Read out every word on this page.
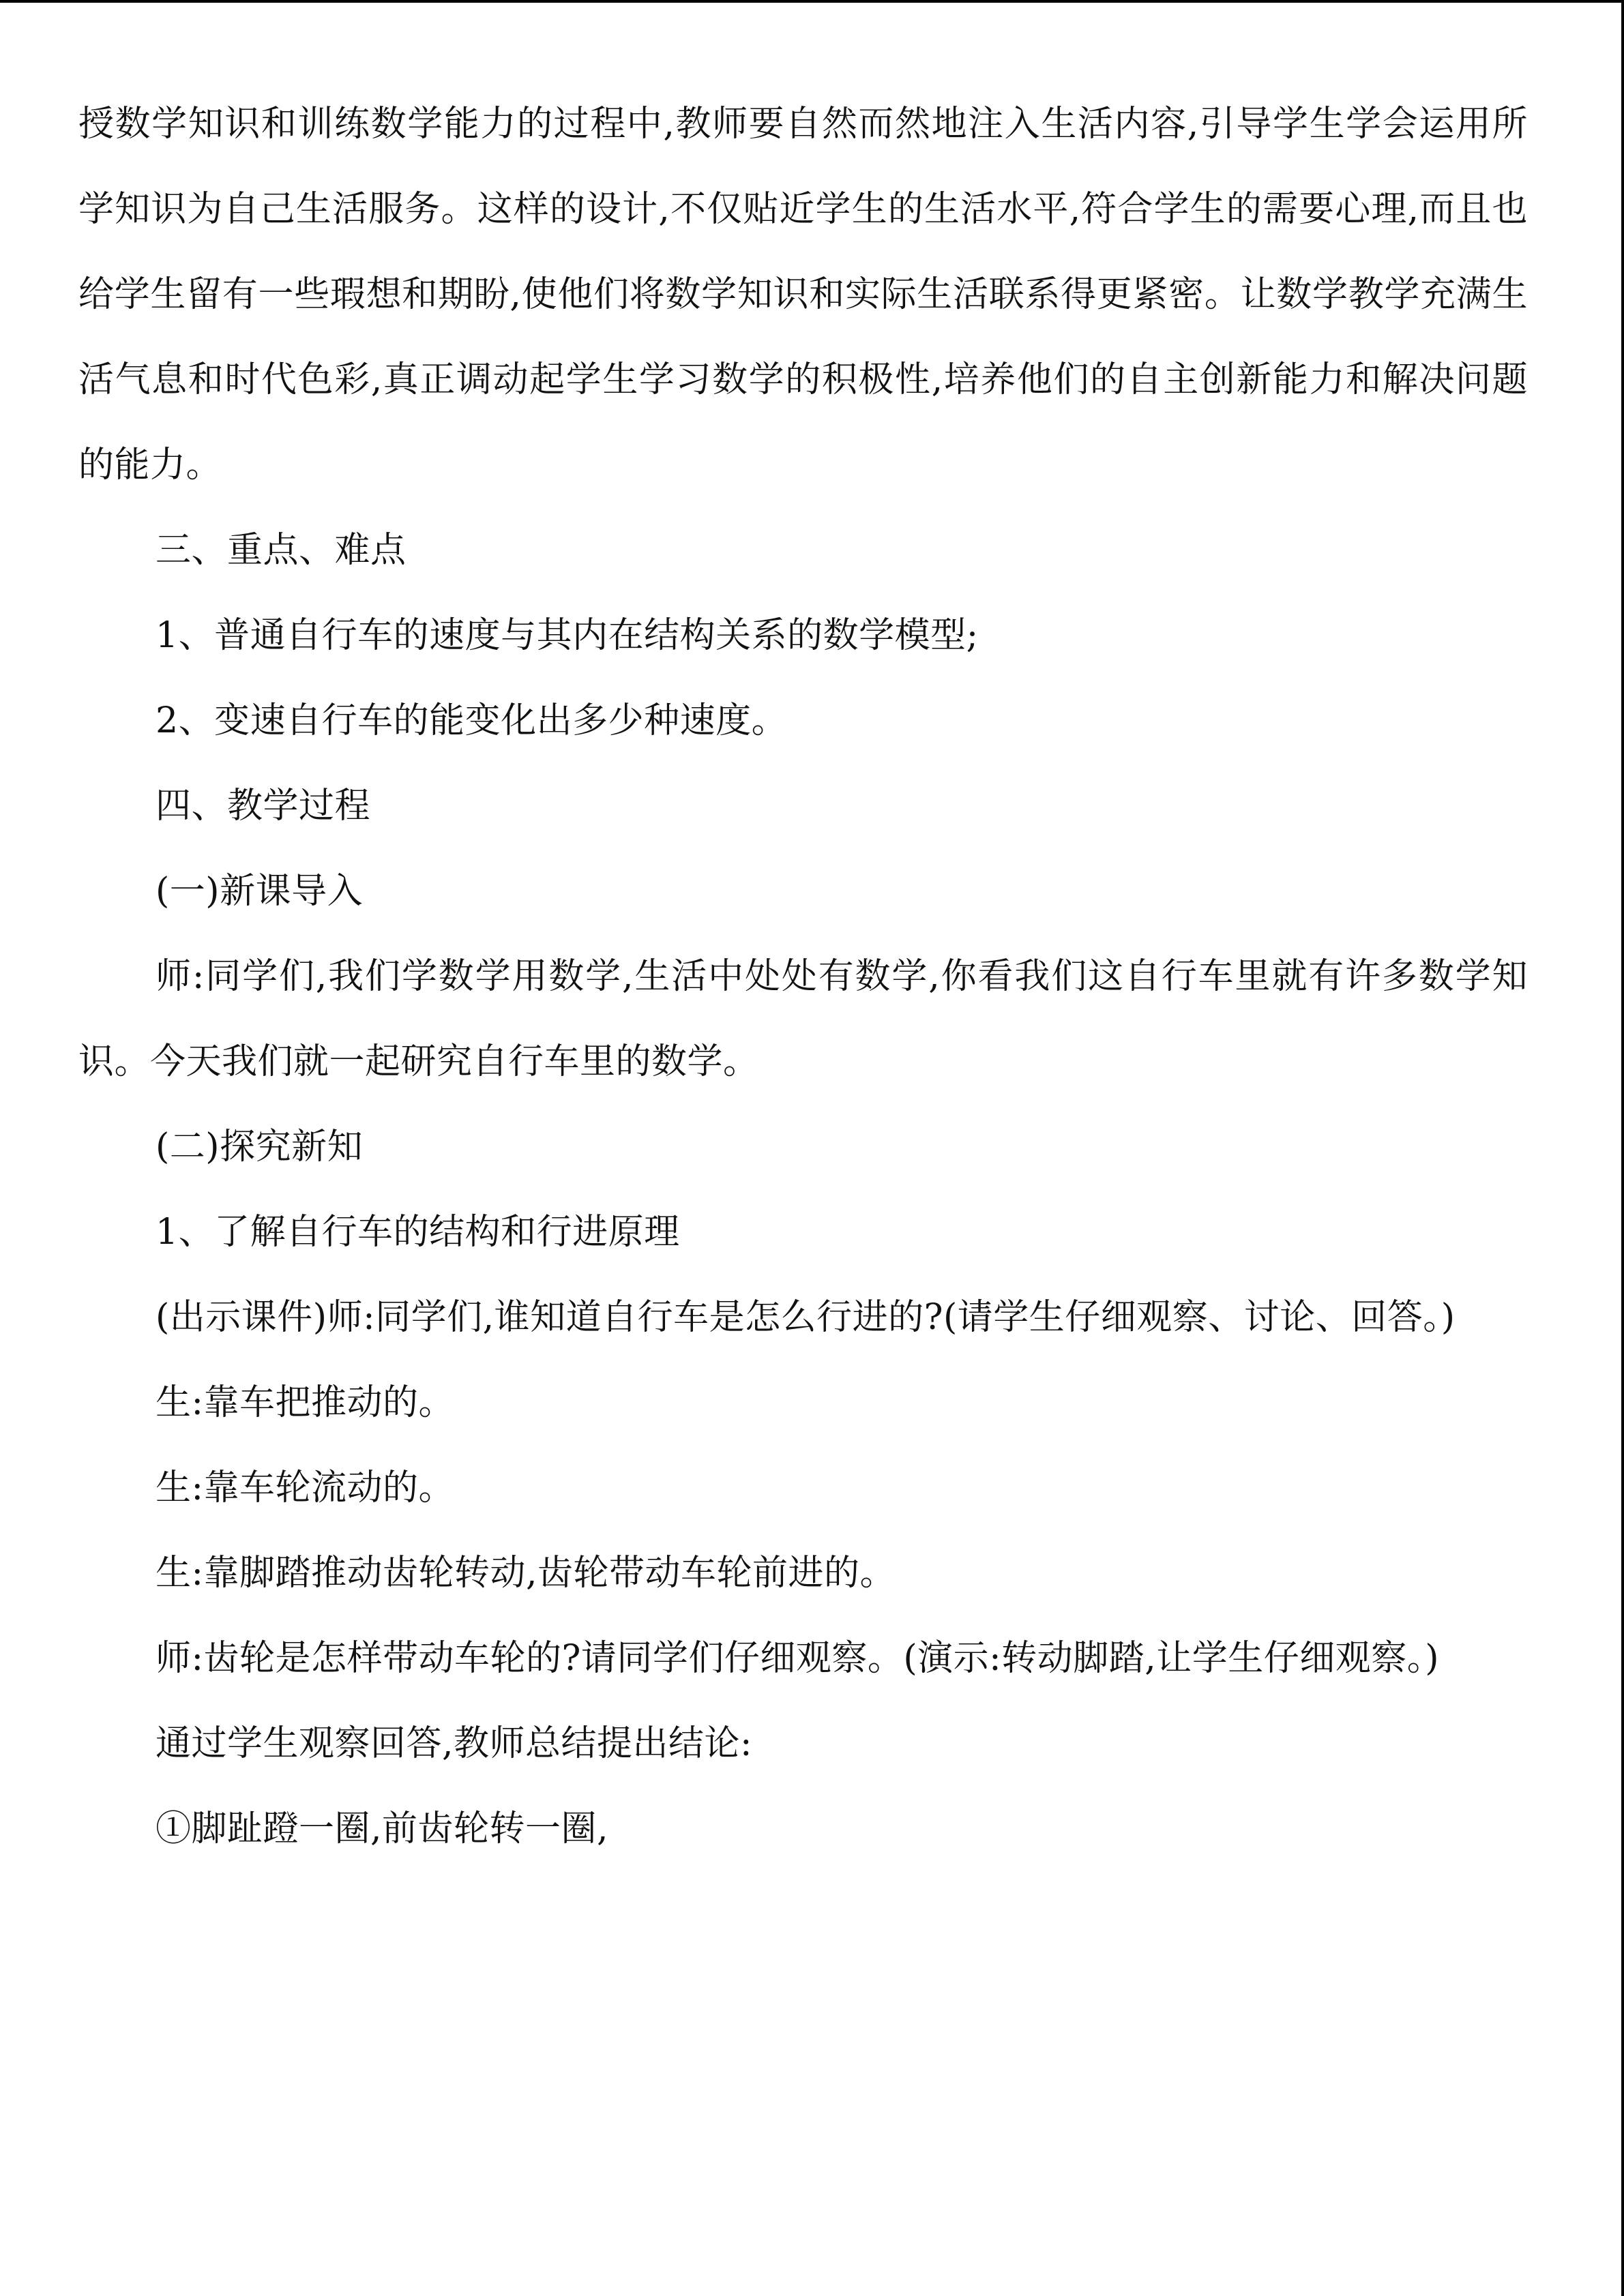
授数学知识和训练数学能力的过程中,教师要自然而然地注入生活内容,引导学生学会运用所学知识为自己生活服务。这样的设计,不仅贴近学生的生活水平,符合学生的需要心理,而且也给学生留有一些瑕想和期盼,使他们将数学知识和实际生活联系得更紧密。让数学教学充满生活气息和时代色彩,真正调动起学生学习数学的积极性,培养他们的自主创新能力和解决问题的能力。

三、重点、难点

1、普通自行车的速度与其内在结构关系的数学模型;

2、变速自行车的能变化出多少种速度。

四、教学过程

(一)新课导入

师:同学们,我们学数学用数学,生活中处处有数学,你看我们这自行车里就有许多数学知识。今天我们就一起研究自行车里的数学。

(二)探究新知

1、了解自行车的结构和行进原理

(出示课件)师:同学们,谁知道自行车是怎么行进的?(请学生仔细观察、讨论、回答。)

生:靠车把推动的。

生:靠车轮流动的。

生:靠脚踏推动齿轮转动,齿轮带动车轮前进的。

师:齿轮是怎样带动车轮的?请同学们仔细观察。(演示:转动脚踏,让学生仔细观察。)

通过学生观察回答,教师总结提出结论:

①脚趾蹬一圈,前齿轮转一圈,
